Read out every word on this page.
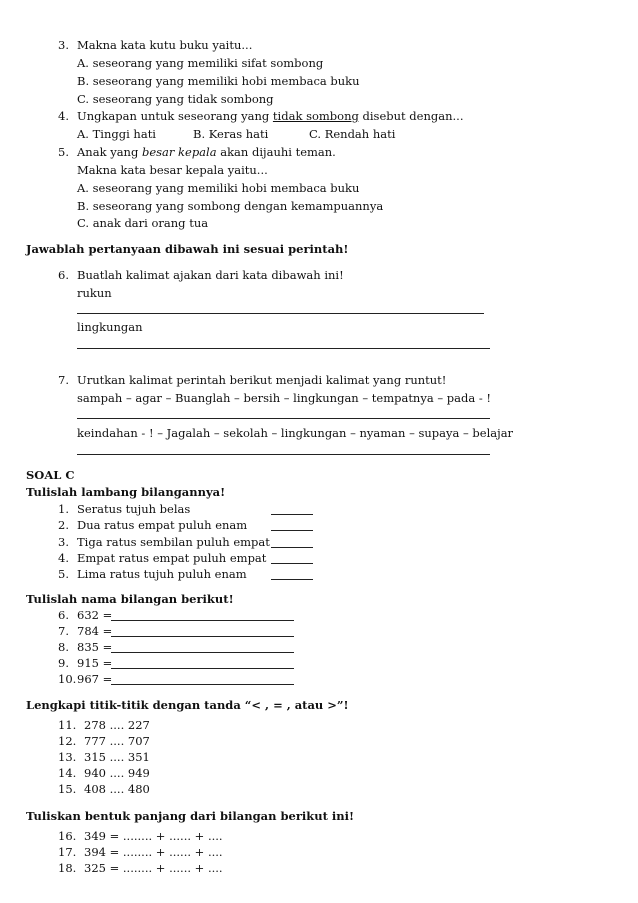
3. Makna kata kutu buku yaitu...
A. seseorang yang memiliki sifat sombong
B. seseorang yang memiliki hobi membaca buku
C. seseorang yang tidak sombong
4. Ungkapan untuk seseorang yang tidak sombong disebut dengan...
A. Tinggi hati	B. Keras hati	C. Rendah hati
5. Anak yang besar kepala akan dijauhi teman.
Makna kata besar kepala yaitu...
A. seseorang yang memiliki hobi membaca buku
B. seseorang yang sombong dengan kemampuannya
C. anak dari orang tua
Jawablah pertanyaan dibawah ini sesuai perintah!
6. Buatlah kalimat ajakan dari kata dibawah ini!
rukun
lingkungan
7. Urutkan kalimat perintah berikut menjadi kalimat yang runtut!
sampah – agar – Buanglah – bersih – lingkungan – tempatnya – pada - !
keindahan - ! – Jagalah – sekolah – lingkungan – nyaman – supaya – belajar
SOAL C
Tulislah lambang bilangannya!
1. Seratus tujuh belas
2. Dua ratus empat puluh enam
3. Tiga ratus sembilan puluh empat
4. Empat ratus empat puluh empat
5. Lima ratus tujuh puluh enam
Tulislah nama bilangan berikut!
6. 632 =
7. 784 =
8. 835 =
9. 915 =
10. 967 =
Lengkapi titik-titik dengan tanda “< , = , atau >”!
11. 278 .... 227
12. 777 .... 707
13. 315 .... 351
14. 940 .... 949
15. 408 .... 480
Tuliskan bentuk panjang dari bilangan berikut ini!
16. 349 = ........ + ...... + ....
17. 394 = ........ + ...... + ....
18. 325 = ........ + ...... + ....
